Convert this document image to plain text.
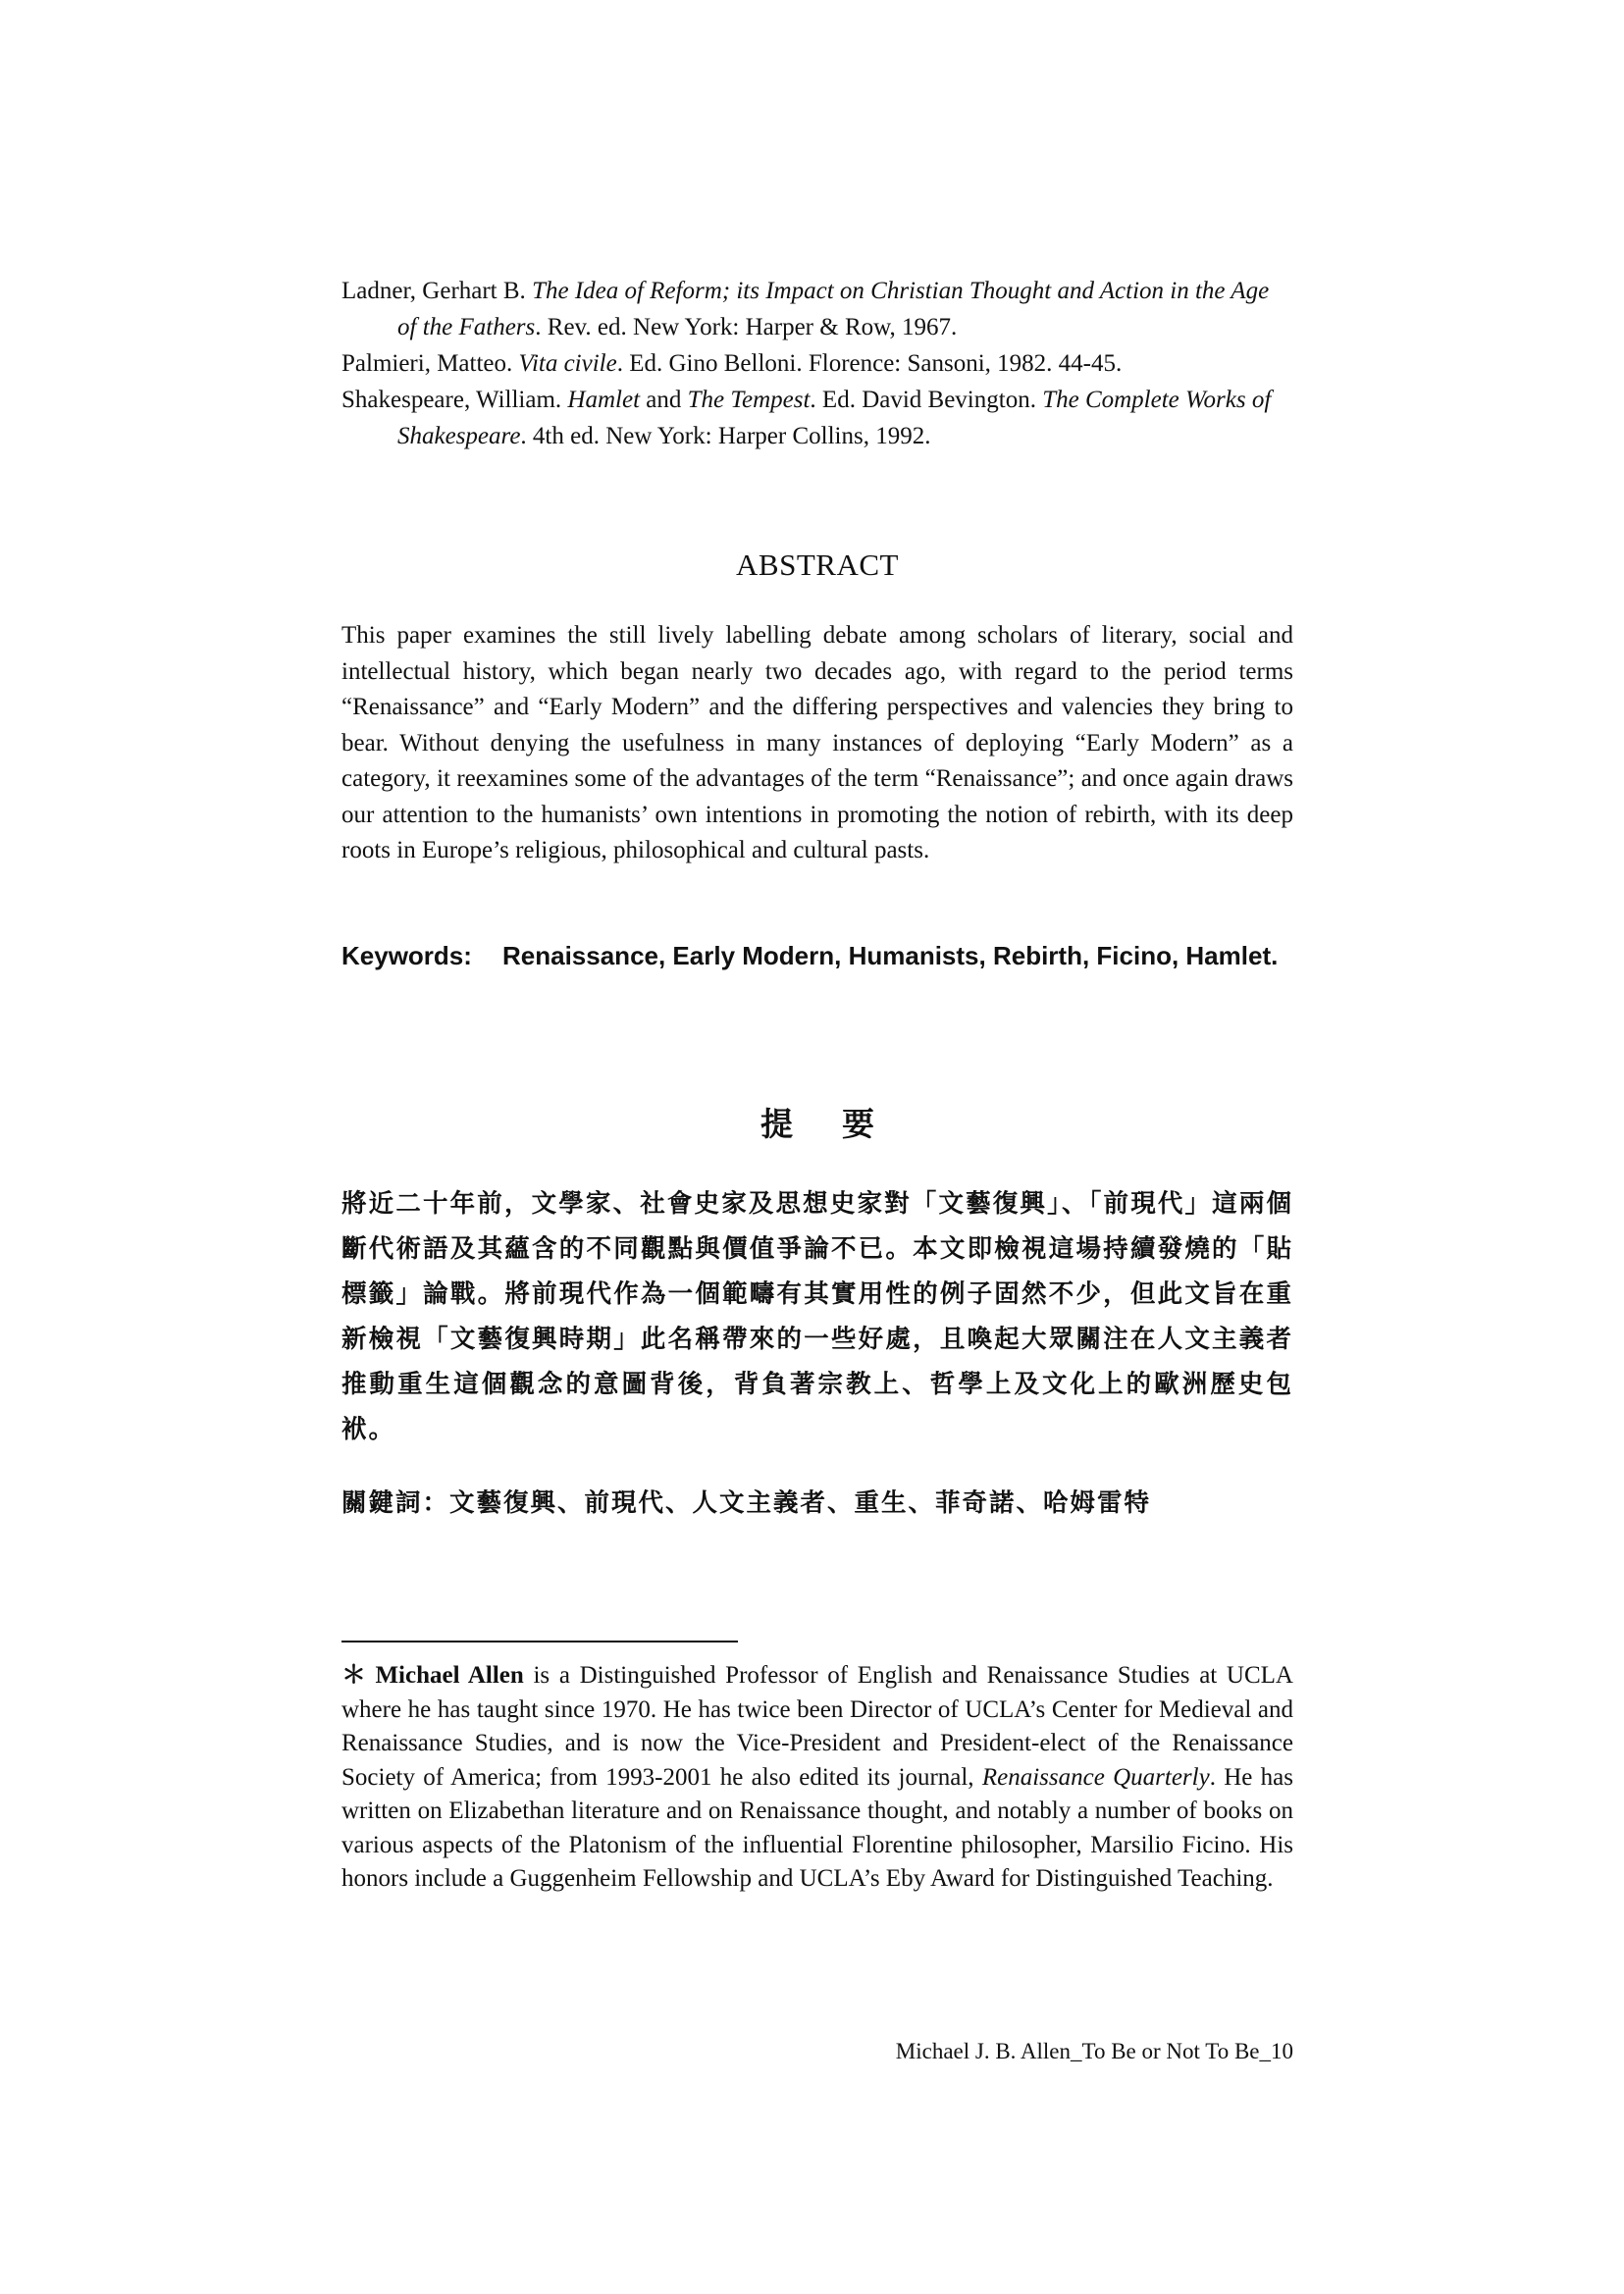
Ladner, Gerhart B. The Idea of Reform; its Impact on Christian Thought and Action in the Age of the Fathers. Rev. ed. New York: Harper & Row, 1967.

Palmieri, Matteo. Vita civile. Ed. Gino Belloni. Florence: Sansoni, 1982. 44-45.

Shakespeare, William. Hamlet and The Tempest. Ed. David Bevington. The Complete Works of Shakespeare. 4th ed. New York: Harper Collins, 1992.

ABSTRACT

This paper examines the still lively labelling debate among scholars of literary, social and intellectual history, which began nearly two decades ago, with regard to the period terms “Renaissance” and “Early Modern” and the differing perspectives and valencies they bring to bear. Without denying the usefulness in many instances of deploying “Early Modern” as a category, it reexamines some of the advantages of the term “Renaissance”; and once again draws our attention to the humanists’ own intentions in promoting the notion of rebirth, with its deep roots in Europe’s religious, philosophical and cultural pasts.

Keywords:	Renaissance, Early Modern, Humanists, Rebirth, Ficino, Hamlet.
提要

將近二十年前，文學家、社會史家及思想史家對「文藝復興」、「前現代」這兩個斷代術語及其蘊含的不同觀點與價值爭論不已。本文即檢視這場持續發燒的「貼標籤」論戰。將前現代作為一個範疇有其實用性的例子固然不少，但此文旨在重新檢視「文藝復興時期」此名稱帶來的一些好處，且喚起大眾關注在人文主義者推動重生這個觀念的意圖背後，背負著宗教上、哲學上及文化上的歐洲歷史包袱。

關鍵詞：文藝復興、前現代、人文主義者、重生、菲奇諾、哈姆雷特

＊ Michael Allen is a Distinguished Professor of English and Renaissance Studies at UCLA where he has taught since 1970. He has twice been Director of UCLA’s Center for Medieval and Renaissance Studies, and is now the Vice-President and President-elect of the Renaissance Society of America; from 1993-2001 he also edited its journal, Renaissance Quarterly. He has written on Elizabethan literature and on Renaissance thought, and notably a number of books on various aspects of the Platonism of the influential Florentine philosopher, Marsilio Ficino. His honors include a Guggenheim Fellowship and UCLA’s Eby Award for Distinguished Teaching.

Michael J. B. Allen_To Be or Not To Be_10
